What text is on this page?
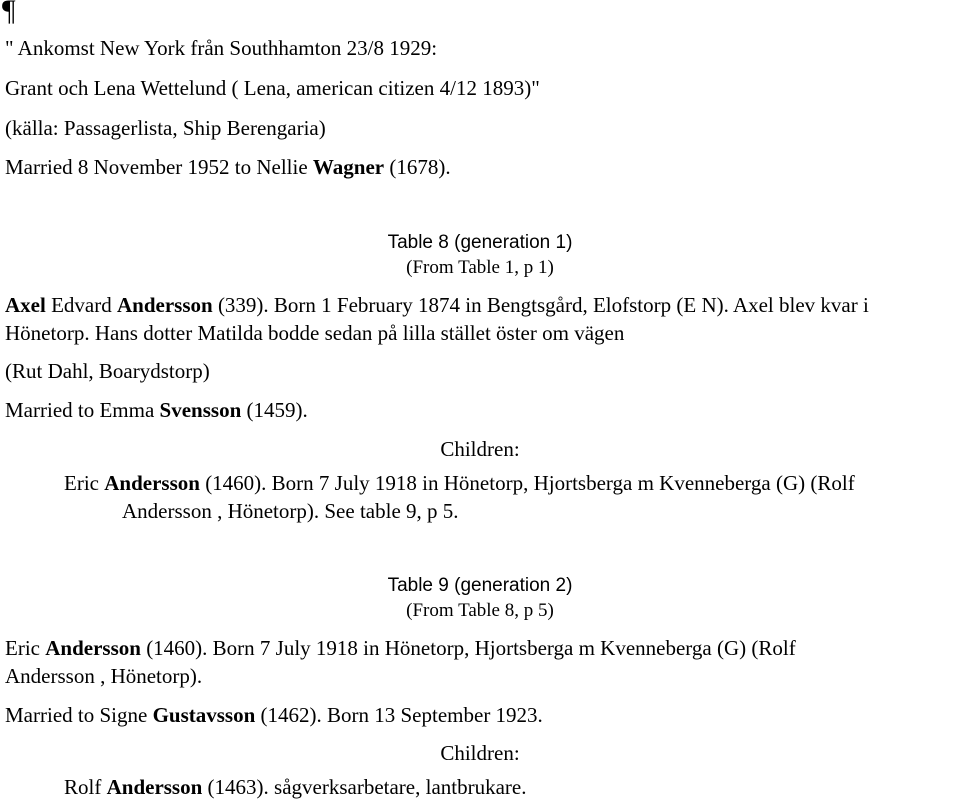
¶
" Ankomst New York från Southhamton 23/8 1929:
Grant och Lena Wettelund ( Lena, american citizen 4/12 1893)"
(källa: Passagerlista, Ship Berengaria)
Married 8 November 1952 to Nellie Wagner (1678).
Table 8 (generation 1)
(From Table 1, p 1)
Axel Edvard Andersson (339). Born 1 February 1874 in Bengtsgård, Elofstorp (E N). Axel blev kvar i
Hönetorp. Hans dotter Matilda bodde sedan på lilla stället öster om vägen
(Rut Dahl, Boarydstorp)
Married to Emma Svensson (1459).
Children:
Eric Andersson (1460). Born 7 July 1918 in Hönetorp, Hjortsberga m Kvenneberga (G) (Rolf
Andersson , Hönetorp). See table 9, p 5.
Table 9 (generation 2)
(From Table 8, p 5)
Eric Andersson (1460). Born 7 July 1918 in Hönetorp, Hjortsberga m Kvenneberga (G) (Rolf
Andersson , Hönetorp).
Married to Signe Gustavsson (1462). Born 13 September 1923.
Children:
Rolf Andersson (1463). sågverksarbetare, lantbrukare.
